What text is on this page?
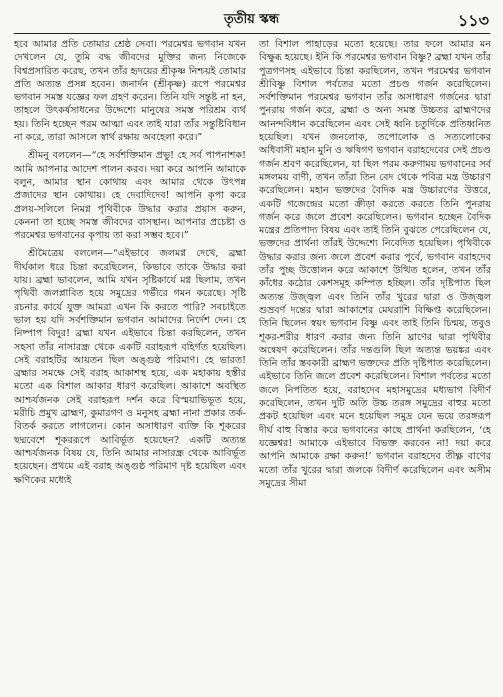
তৃতীয় স্কন্ধ	১১৩

হবে আমার প্রতি তোমার শ্রেষ্ঠ সেবা। পরমেশ্বর ভগবান যখন দেখলেন যে, তুমি বদ্ধ জীবদের মুক্তির জন্য নিজেকে বিশ্বপ্রসারিত করেছ, তখন তাঁর হৃদয়ের শ্রীকৃষ্ণ নিশ্চয়ই তোমার প্রতি অত্যন্ত প্রসন্ন হবেন। জনার্দন (শ্রীকৃষ্ণ) রূপে পরমেশ্বর ভগবান সমস্ত যজ্ঞের ফল গ্রহণ করেন। তিনি যদি সন্তুষ্ট না হন, তাহলে উৎকর্ষসাধনের উদ্দেশ্যে মানুষের সমস্ত পরিশ্রম ব্যর্থ হয়। তিনি হচ্ছেন পরম আত্মা এবং তাই যারা তাঁর সন্তুষ্টিবিধান না করে, তারা আসলে স্বার্থ রক্ষায় অবহেলা করে।”

শ্রীমনু বললেন—“হে সর্বশক্তিমান প্রভু! হে সর্ব পাপনাশক! আমি আপনার আদেশ পালন করব। দয়া করে আপনি আমাকে বলুন, আমার স্থান কোথায় এবং আমার থেকে উৎপন্ন প্রজাদের স্থান কোথায়। হে দেবাদিদেব! আপনি কৃপা করে প্রলয়-সলিলে নিমগ্ন পৃথিবীকে উদ্ধার করার প্রয়াস করুন, কেননা তা হচ্ছে সমস্ত জীবদের বাসস্থান। আপনার প্রচেষ্টা ও পরমেশ্বর ভগবানের কৃপায় তা করা সম্ভব হবে।”

শ্রীমৈত্রেয় বললেন—“এইভাবে জলমগ্ন দেখে, ব্রহ্মা দীর্ঘকাল ধরে চিন্তা করেছিলেন, কিভাবে তাকে উদ্ধার করা যায়। ব্রহ্মা ভাবলেন, আমি যখন সৃষ্টিকার্যে মগ্ন ছিলাম, তখন পৃথিবী জলপ্লাবিত হয়ে সমুদ্রের গর্ভীরে গমন করেছে। সৃষ্টি রচনার কার্যে যুক্ত আমরা এখন কি করতে পারি? সবচাইতে ভাল হয় যদি সর্বশক্তিমান ভগবান আমাদের নির্দেশ দেন। হে নিষ্পাপ বিদুর! ব্রহ্মা যখন এইভাবে চিন্তা করছিলেন, তখন সহসা তাঁর নাসারন্ধ্র থেকে একটি বরাহরূপ বহির্গত হয়েছিল। সেই বরাহটির আয়তন ছিল অঙ্গুষ্ঠ পরিমাণ। হে ভারত! ব্রহ্মার সমক্ষে সেই বরাহ আকাশস্থ হয়ে, এক মহাকায় হস্তীর মতো এক বিশাল আকার ধারণ করেছিল। আকাশে অবস্থিত আশ্চর্যজনক সেই বরাহরূপ দর্শন করে বিস্ময়াভিভূত হয়ে, মরীচি প্রমুখ ব্রাহ্মণ, কুমারগণ ও মনুসহ ব্রহ্মা নানা প্রকার তর্ক-বিতর্ক করতে লাগলেন। কোন অসাধারণ ব্যক্তি কি শূকরের ছদ্মবেশে শূকররূপে আবির্ভূত হয়েছেন? একটি অত্যন্ত আশ্চর্যজনক বিষয় যে, তিনি আমার নাসারন্ধ্র থেকে আবির্ভূত হয়েছেন। প্রথমে এই বরাহ অঙ্গুষ্ঠ পরিমাণ দৃষ্ট হয়েছিল এবং ক্ষণিকের মধ্যেই

তা বিশাল পাহাড়ের মতো হয়েছে। তার ফলে আমার মন বিক্ষুব্ধ হয়েছে। ইনি কি পরমেশ্বর ভগবান বিষ্ণু? ব্রহ্মা যখন তাঁর পুত্রগণসহ এইভাবে চিন্তা করছিলেন, তখন পরমেশ্বর ভগবান শ্রীবিষ্ণু বিশাল পর্বতের মতো প্রচণ্ড গর্জন করেছিলেন। সর্বশক্তিমান পরমেশ্বর ভগবান তাঁর অসাধারণ গর্জনের দ্বারা পুনরায় গর্জন করে, ব্রহ্মা ও অন্য সমস্ত উচ্চতর ব্রাহ্মণদের আনন্দবিধান করেছিলেন এবং সেই ধ্বনি চতুর্দিকে প্রতিধ্বনিত হয়েছিল। যখন জনলোক, তপোলোক ও সত্যলোকের অধিবাসী মহান মুনি ও ঋষিগণ ভগবান বরাহদেবের সেই প্রচণ্ড গর্জন শ্রবণ করেছিলেন, যা ছিল পরম করুণাময় ভগবানের সর্ব মঙ্গলময় বাণী, তখন তাঁরা তিন বেদ থেকে পবিত্র মন্ত্র উচ্চারণ করেছিলেন। মহান ভক্তদের বৈদিক মন্ত্র উচ্চারণের উত্তরে, একটি গজেন্দ্রের মতো ক্রীড়া করতে করতে তিনি পুনরায় গর্জন করে জলে প্রবেশ করেছিলেন। ভগবান হচ্ছেন বৈদিক মন্ত্রের প্রতিপাদ্য বিষয় এবং তাই তিনি বুঝতে পেরেছিলেন যে, ভক্তদের প্রার্থনা তাঁরই উদ্দেশ্যে নিবেদিত হয়েছিল। পৃথিবীকে উদ্ধার করার জন্য জলে প্রবেশ করার পূর্বে, ভগবান বরাহদেব তাঁর পুচ্ছ উত্তোলন করে আকাশে উত্থিত হলেন, তখন তাঁর কাঁধের কঠোর কেশসমূহ কম্পিত হচ্ছিল। তাঁর দৃষ্টিপাত ছিল অত্যন্ত উজ্জ্বল এবং তিনি তাঁর খুরের দ্বারা ও উজ্জ্বল শুভ্রবর্ণ দন্তের দ্বারা আকাশের মেঘরাশি বিক্ষিপ্ত করেছিলেন। তিনি ছিলেন স্বয়ং ভগবান বিষ্ণু এবং তাই তিনি চিন্ময়, তবুও শূকর-শরীর ধারণ করার জন্য তিনি ঘ্রাণের দ্বারা পৃথিবীর অন্বেষণ করেছিলেন। তাঁর দন্তগুলি ছিল অত্যন্ত ভয়ঙ্কর এবং তিনি তাঁর স্তবকারী ব্রাহ্মণ ভক্তদের প্রতি দৃষ্টিপাত করেছিলেন। এইভাবে তিনি জলে প্রবেশ করেছিলেন। বিশাল পর্বতের মতো জলে নিপতিত হয়ে, বরাহদেব মহাসমুদ্রের মধ্যভাগ বিদীর্ণ করেছিলেন, তখন দুটি অতি উচ্চ তরঙ্গ সমুদ্রের বাহুর মতো প্রকট হয়েছিল এবং মনে হয়েছিল সমুদ্র যেন ভয়ে তরঙ্গরূপ দীর্ঘ বাহু বিস্তার করে ভগবানের কাছে প্রার্থনা করছিলেন, ‘হে যজ্ঞেশ্বর! আমাকে এইভাবে বিভক্ত করবেন না! দয়া করে আপনি আমাকে রক্ষা করুন!’ ভগবান বরাহদেব তীক্ষ্ণ বাণের মতো তাঁর খুরের দ্বারা জলকে বিদীর্ণ করেছিলেন এবং অসীম সমুদ্রের সীমা
